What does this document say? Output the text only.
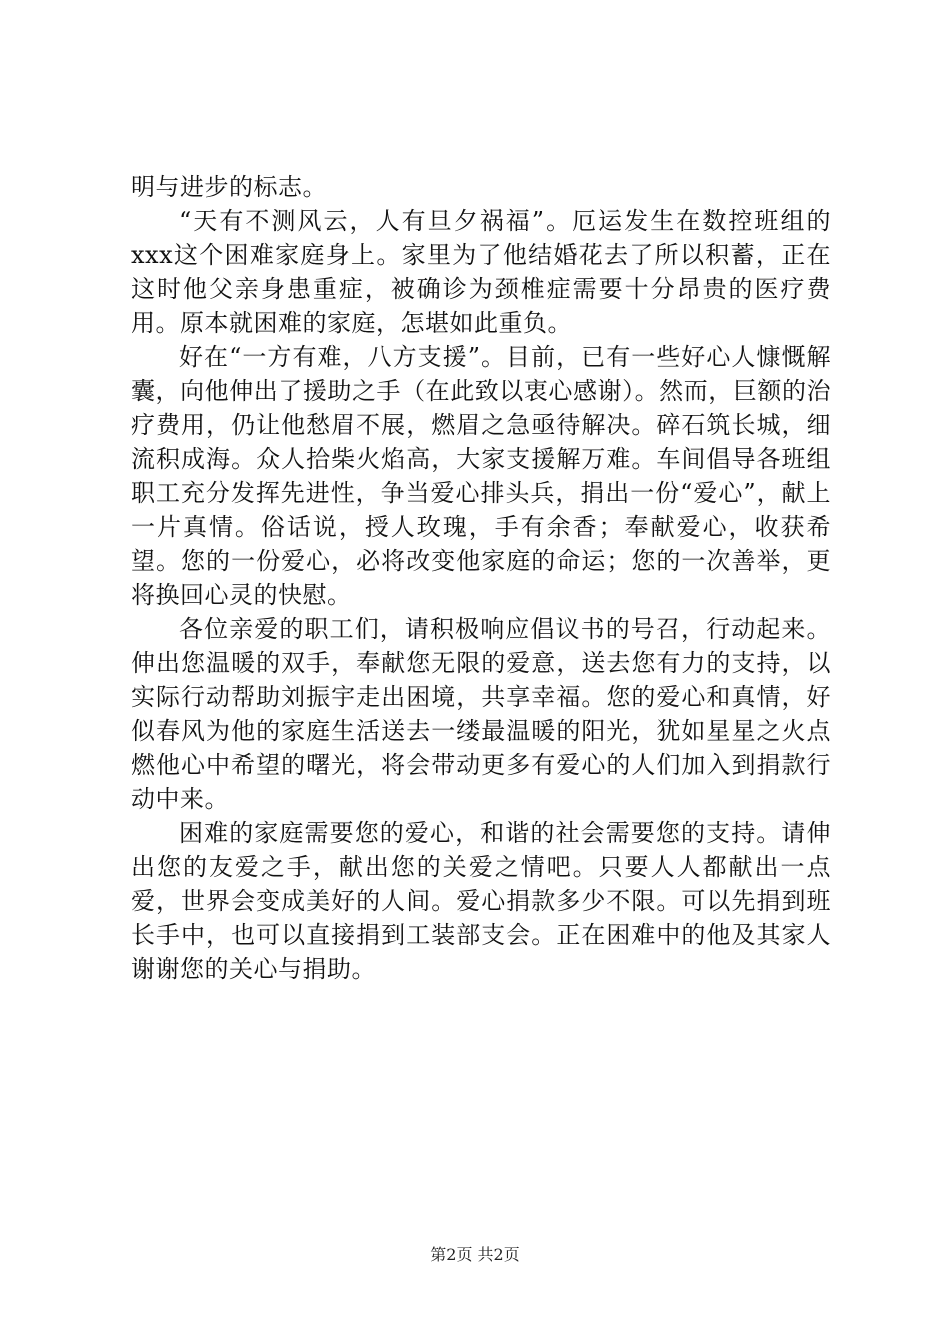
明与进步的标志。

“天有不测风云，人有旦夕祸福”。厄运发生在数控班组的xxx这个困难家庭身上。家里为了他结婚花去了所以积蓄，正在这时他父亲身患重症，被确诊为颈椎症需要十分昂贵的医疗费用。原本就困难的家庭，怎堪如此重负。

好在“一方有难，八方支援”。目前，已有一些好心人慷慨解囊，向他伸出了援助之手（在此致以衷心感谢）。然而，巨额的治疗费用，仍让他愁眉不展，燃眉之急亟待解决。碎石筑长城，细流积成海。众人拾柴火焰高，大家支援解万难。车间倡导各班组职工充分发挥先进性，争当爱心排头兵，捐出一份“爱心”，献上一片真情。俗话说，授人玫瑰，手有余香；奉献爱心，收获希望。您的一份爱心，必将改变他家庭的命运；您的一次善举，更将换回心灵的快慰。

各位亲爱的职工们，请积极响应倡议书的号召，行动起来。伸出您温暖的双手，奉献您无限的爱意，送去您有力的支持，以实际行动帮助刘振宇走出困境，共享幸福。您的爱心和真情，好似春风为他的家庭生活送去一缕最温暖的阳光，犹如星星之火点燃他心中希望的曙光，将会带动更多有爱心的人们加入到捐款行动中来。

困难的家庭需要您的爱心，和谐的社会需要您的支持。请伸出您的友爱之手，献出您的关爱之情吧。只要人人都献出一点爱，世界会变成美好的人间。爱心捐款多少不限。可以先捐到班长手中，也可以直接捐到工装部支会。正在困难中的他及其家人谢谢您的关心与捐助。

第2页 共2页
